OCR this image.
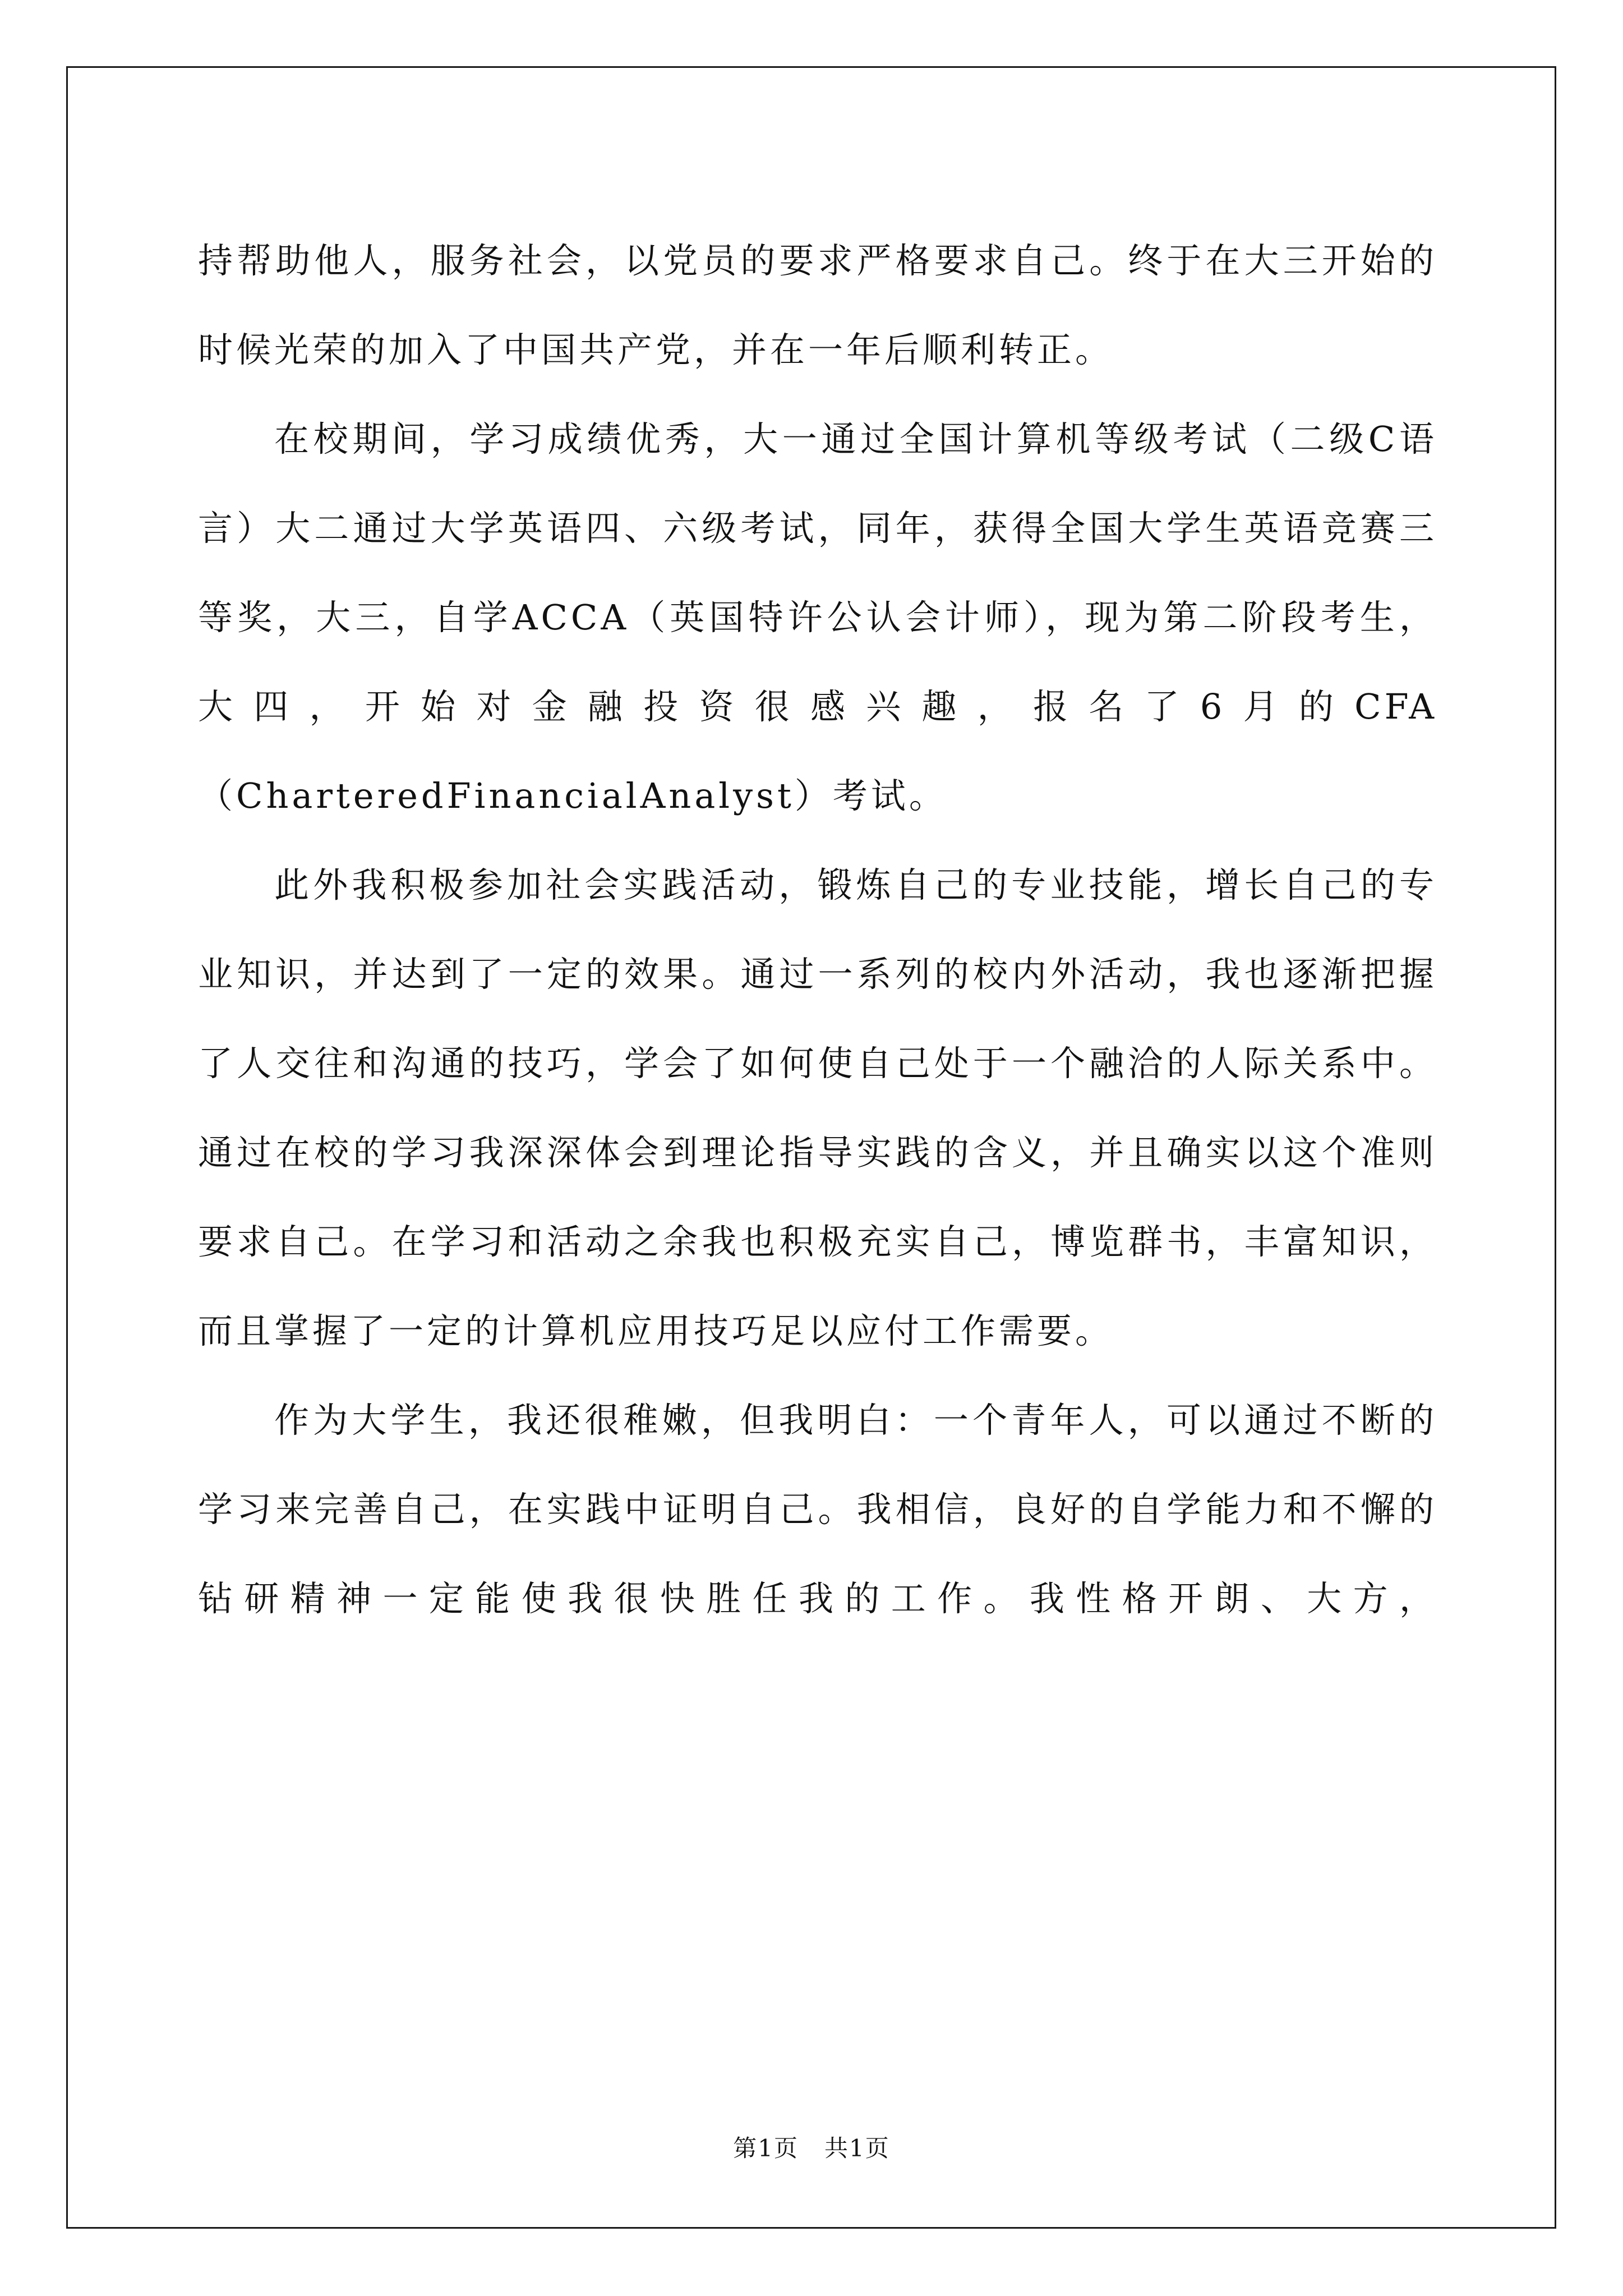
持帮助他人，服务社会，以党员的要求严格要求自己。终于在大三开始的时候光荣的加入了中国共产党，并在一年后顺利转正。

在校期间，学习成绩优秀，大一通过全国计算机等级考试（二级C语言）大二通过大学英语四、六级考试，同年，获得全国大学生英语竞赛三等奖，大三，自学ACCA（英国特许公认会计师），现为第二阶段考生，大四，开始对金融投资很感兴趣，报名了6月的CFA（CharteredFinancialAnalyst）考试。

此外我积极参加社会实践活动，锻炼自己的专业技能，增长自己的专业知识，并达到了一定的效果。通过一系列的校内外活动，我也逐渐把握了人交往和沟通的技巧，学会了如何使自己处于一个融洽的人际关系中。通过在校的学习我深深体会到理论指导实践的含义，并且确实以这个准则要求自己。在学习和活动之余我也积极充实自己，博览群书，丰富知识，而且掌握了一定的计算机应用技巧足以应付工作需要。

作为大学生，我还很稚嫩，但我明白：一个青年人，可以通过不断的学习来完善自己，在实践中证明自己。我相信，良好的自学能力和不懈的钻研精神一定能使我很快胜任我的工作。我性格开朗、大方，

第1页   共1页
